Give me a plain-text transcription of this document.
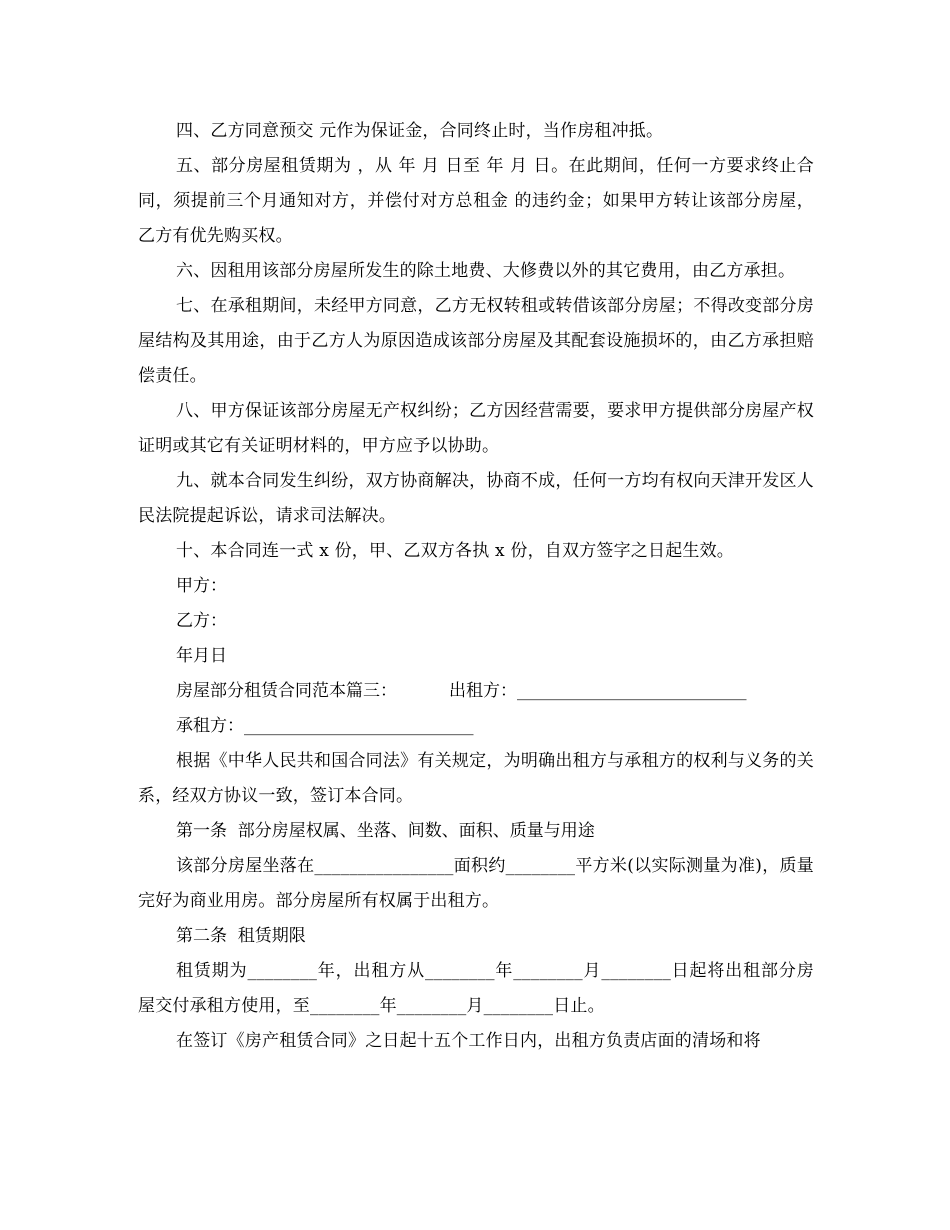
四、乙方同意预交 元作为保证金，合同终止时，当作房租冲抵。

五、部分房屋租赁期为 ，从 年 月 日至 年 月 日。在此期间，任何一方要求终止合同，须提前三个月通知对方，并偿付对方总租金 的违约金；如果甲方转让该部分房屋，乙方有优先购买权。

六、因租用该部分房屋所发生的除土地费、大修费以外的其它费用，由乙方承担。

七、在承租期间，未经甲方同意，乙方无权转租或转借该部分房屋；不得改变部分房屋结构及其用途，由于乙方人为原因造成该部分房屋及其配套设施损坏的，由乙方承担赔偿责任。

八、甲方保证该部分房屋无产权纠纷；乙方因经营需要，要求甲方提供部分房屋产权证明或其它有关证明材料的，甲方应予以协助。

九、就本合同发生纠纷，双方协商解决，协商不成，任何一方均有权向天津开发区人民法院提起诉讼，请求司法解决。

十、本合同连一式 x 份，甲、乙双方各执 x 份，自双方签字之日起生效。

甲方：

乙方：

年月日

房屋部分租赁合同范本篇三：	出租方：___________________________

承租方：___________________________

根据《中华人民共和国合同法》有关规定，为明确出租方与承租方的权利与义务的关系，经双方协议一致，签订本合同。

第一条  部分房屋权属、坐落、间数、面积、质量与用途

该部分房屋坐落在________________面积约________平方米(以实际测量为准)，质量完好为商业用房。部分房屋所有权属于出租方。

第二条  租赁期限

租赁期为________年，出租方从________年________月________日起将出租部分房屋交付承租方使用，至________年________月________日止。

在签订《房产租赁合同》之日起十五个工作日内，出租方负责店面的清场和将
